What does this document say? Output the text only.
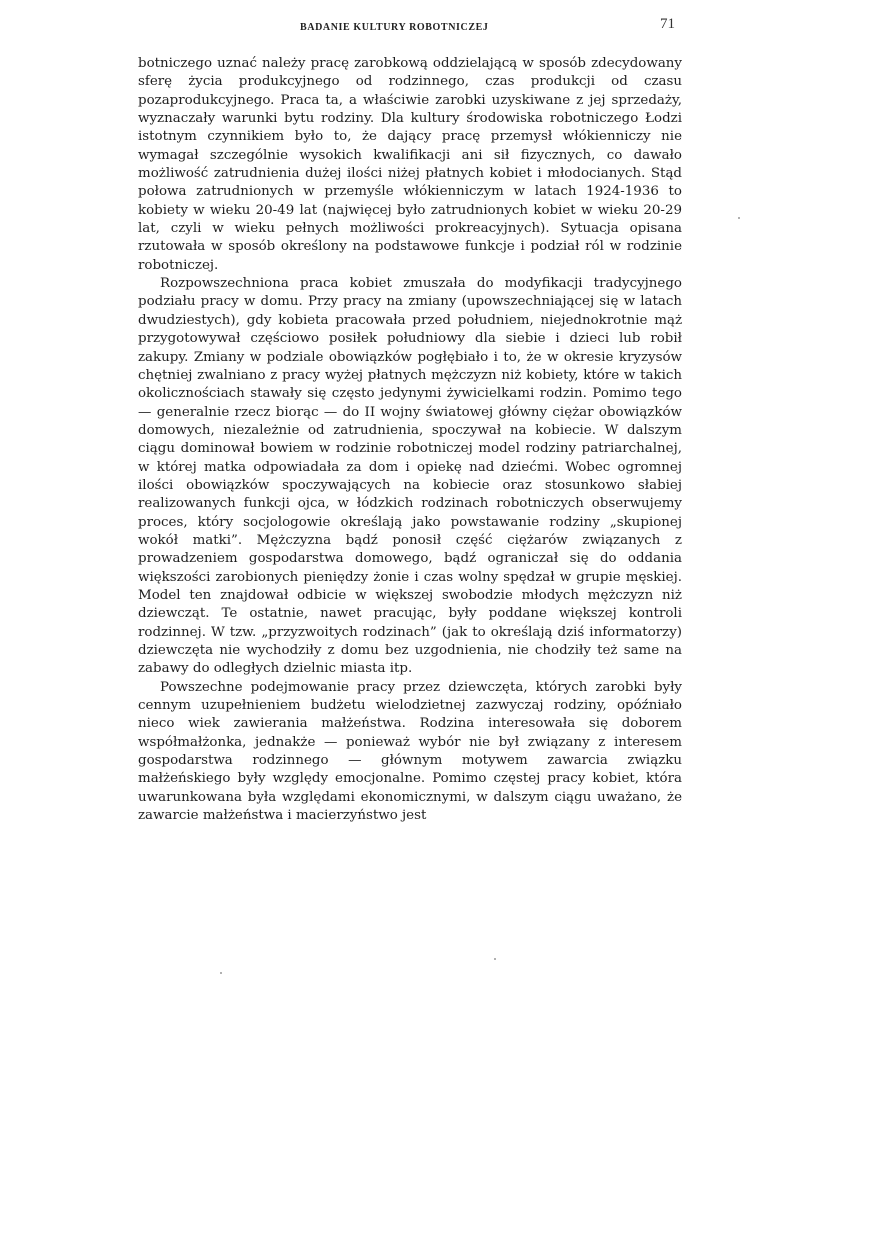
BADANIE KULTURY ROBOTNICZEJ	71

botniczego uznać należy pracę zarobkową oddzielającą w sposób zdecydowany sferę życia produkcyjnego od rodzinnego, czas produkcji od czasu pozaprodukcyjnego. Praca ta, a właściwie zarobki uzyskiwane z jej sprzedaży, wyznaczały warunki bytu rodziny. Dla kultury środowiska robotniczego Łodzi istotnym czynnikiem było to, że dający pracę przemysł włókienniczy nie wymagał szczególnie wysokich kwalifikacji ani sił fizycznych, co dawało możliwość zatrudnienia dużej ilości niżej płatnych kobiet i młodocianych. Stąd połowa zatrudnionych w przemyśle włókienniczym w latach 1924-1936 to kobiety w wieku 20-49 lat (najwięcej było zatrudnionych kobiet w wieku 20-29 lat, czyli w wieku pełnych możliwości prokreacyjnych). Sytuacja opisana rzutowała w sposób określony na podstawowe funkcje i podział ról w rodzinie robotniczej.

Rozpowszechniona praca kobiet zmuszała do modyfikacji tradycyjnego podziału pracy w domu. Przy pracy na zmiany (upowszechniającej się w latach dwudziestych), gdy kobieta pracowała przed południem, niejednokrotnie mąż przygotowywał częściowo posiłek południowy dla siebie i dzieci lub robił zakupy. Zmiany w podziale obowiązków pogłębiało i to, że w okresie kryzysów chętniej zwalniano z pracy wyżej płatnych mężczyzn niż kobiety, które w takich okolicznościach stawały się często jedynymi żywicielkami rodzin. Pomimo tego — generalnie rzecz biorąc — do II wojny światowej główny ciężar obowiązków domowych, niezależnie od zatrudnienia, spoczywał na kobiecie. W dalszym ciągu dominował bowiem w rodzinie robotniczej model rodziny patriarchalnej, w której matka odpowiadała za dom i opiekę nad dziećmi. Wobec ogromnej ilości obowiązków spoczywających na kobiecie oraz stosunkowo słabiej realizowanych funkcji ojca, w łódzkich rodzinach robotniczych obserwujemy proces, który socjologowie określają jako powstawanie rodziny „skupionej wokół matki”. Mężczyzna bądź ponosił część ciężarów związanych z prowadzeniem gospodarstwa domowego, bądź ograniczał się do oddania większości zarobionych pieniędzy żonie i czas wolny spędzał w grupie męskiej. Model ten znajdował odbicie w większej swobodzie młodych mężczyzn niż dziewcząt. Te ostatnie, nawet pracując, były poddane większej kontroli rodzinnej. W tzw. „przyzwoitych rodzinach” (jak to określają dziś informatorzy) dziewczęta nie wychodziły z domu bez uzgodnienia, nie chodziły też same na zabawy do odległych dzielnic miasta itp.

Powszechne podejmowanie pracy przez dziewczęta, których zarobki były cennym uzupełnieniem budżetu wielodzietnej zazwyczaj rodziny, opóźniało nieco wiek zawierania małżeństwa. Rodzina interesowała się doborem współmałżonka, jednakże — ponieważ wybór nie był związany z interesem gospodarstwa rodzinnego — głównym motywem zawarcia związku małżeńskiego były względy emocjonalne. Pomimo częstej pracy kobiet, która uwarunkowana była względami ekonomicznymi, w dalszym ciągu uważano, że zawarcie małżeństwa i macierzyństwo jest
